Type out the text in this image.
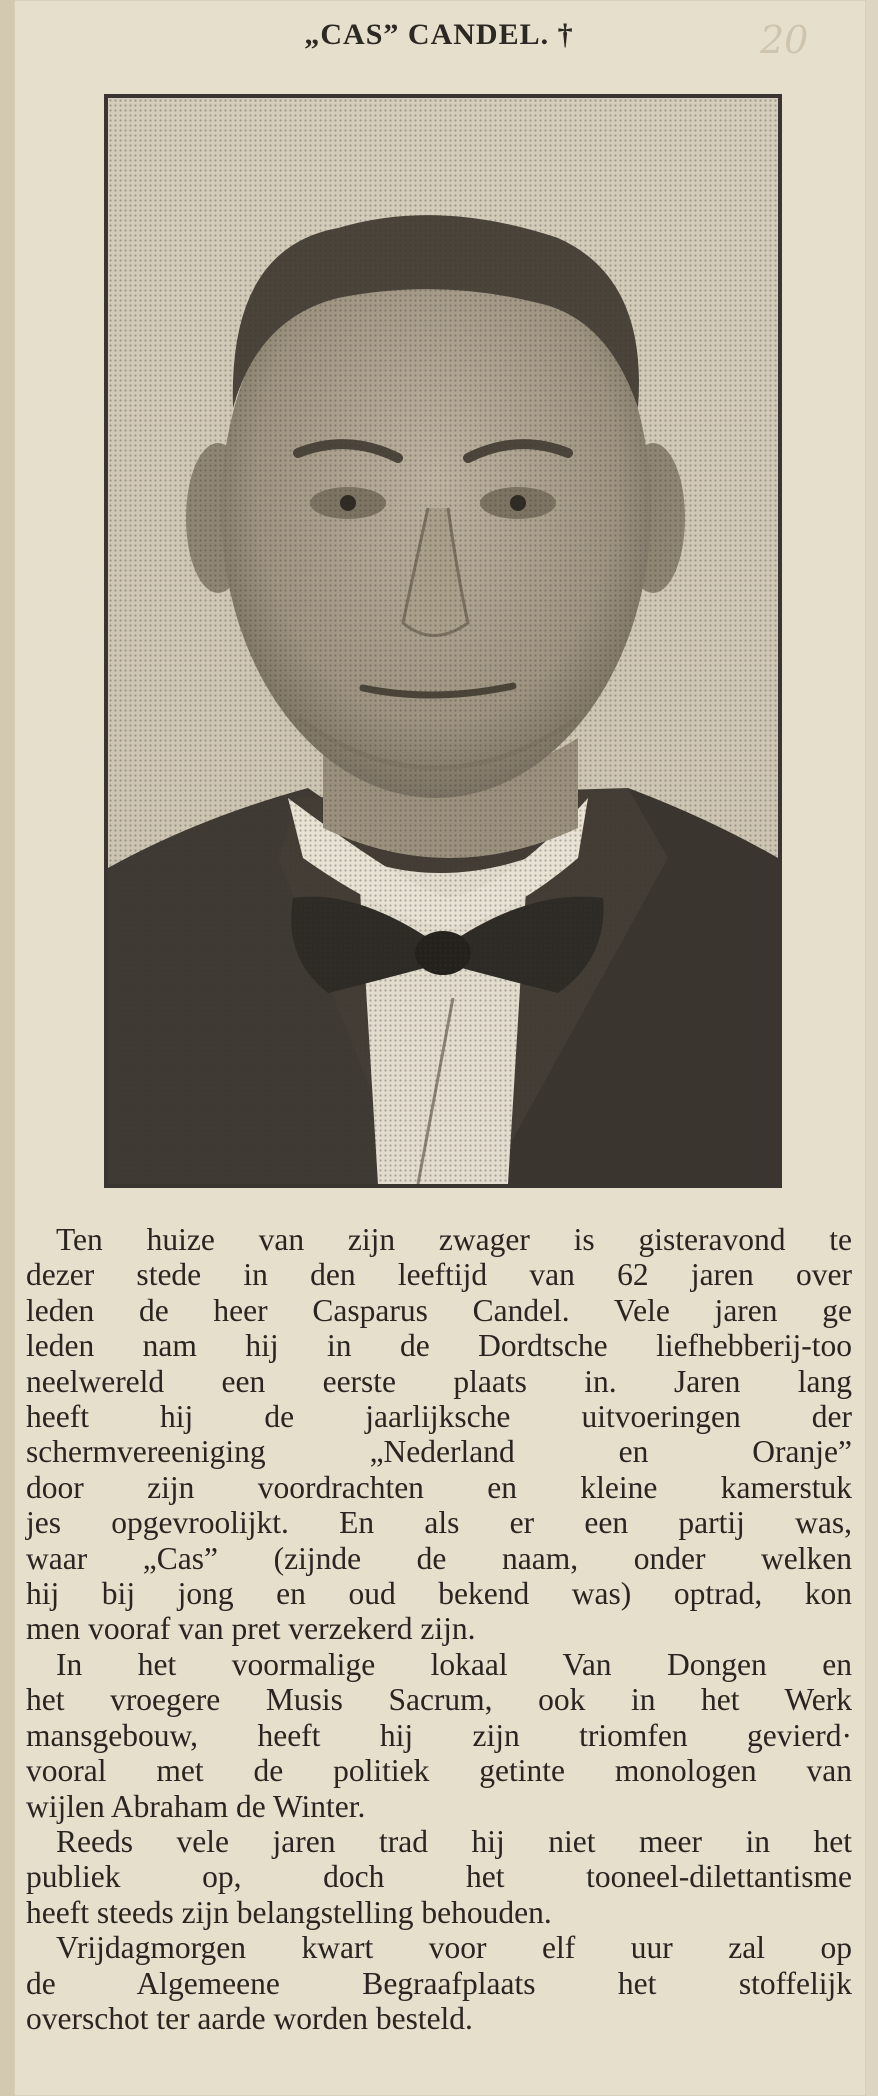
„CAS” CANDEL. †	20

Ten huize van zijn zwager is gisteravond te
dezer stede in den leeftijd van 62 jaren over
leden de heer Casparus Candel. Vele jaren ge
leden nam hij in de Dordtsche liefhebberij-too
neelwereld een eerste plaats in. Jaren lang
heeft hij de jaarlijksche uitvoeringen der
schermvereeniging „Nederland en Oranje”
door zijn voordrachten en kleine kamerstuk
jes opgevroolijkt. En als er een partij was,
waar „Cas” (zijnde de naam, onder welken
hij bij jong en oud bekend was) optrad, kon
men vooraf van pret verzekerd zijn.

In het voormalige lokaal Van Dongen en
het vroegere Musis Sacrum, ook in het Werk
mansgebouw, heeft hij zijn triomfen gevierd·
vooral met de politiek getinte monologen van
wijlen Abraham de Winter.

Reeds vele jaren trad hij niet meer in het
publiek op, doch het tooneel-dilettantisme
heeft steeds zijn belangstelling behouden.

Vrijdagmorgen kwart voor elf uur zal op
de Algemeene Begraafplaats het stoffelijk
overschot ter aarde worden besteld.
